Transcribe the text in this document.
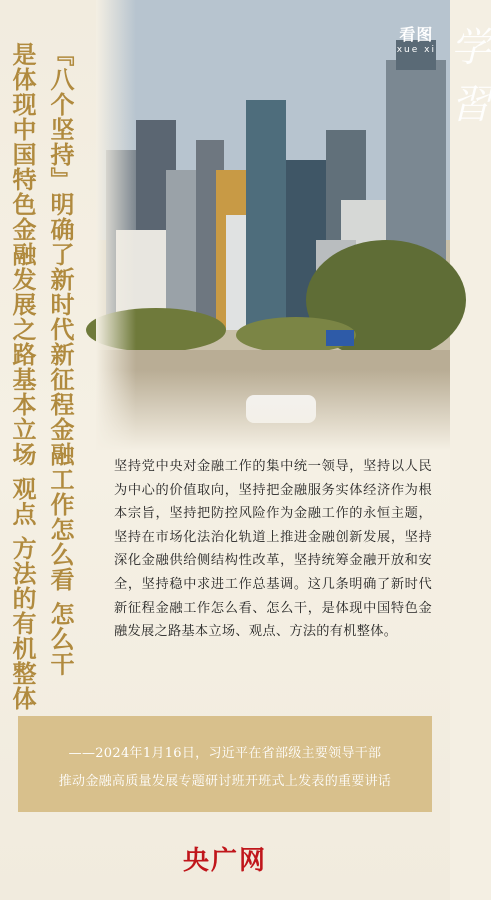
看图
xue xi 学習
『八个坚持』明确了新时代新征程金融工作怎么看 怎么干
是体现中国特色金融发展之路基本立场 观点 方法的有机整体	坚持党中央对金融工作的集中统一领导，坚持以人民为中心的价值取向，坚持把金融服务实体经济作为根本宗旨，坚持把防控风险作为金融工作的永恒主题，坚持在市场化法治化轨道上推进金融创新发展，坚持深化金融供给侧结构性改革，坚持统筹金融开放和安全，坚持稳中求进工作总基调。这几条明确了新时代新征程金融工作怎么看、怎么干，是体现中国特色金融发展之路基本立场、观点、方法的有机整体。
——2024年1月16日，习近平在省部级主要领导干部
推动金融高质量发展专题研讨班开班式上发表的重要讲话
央广网
